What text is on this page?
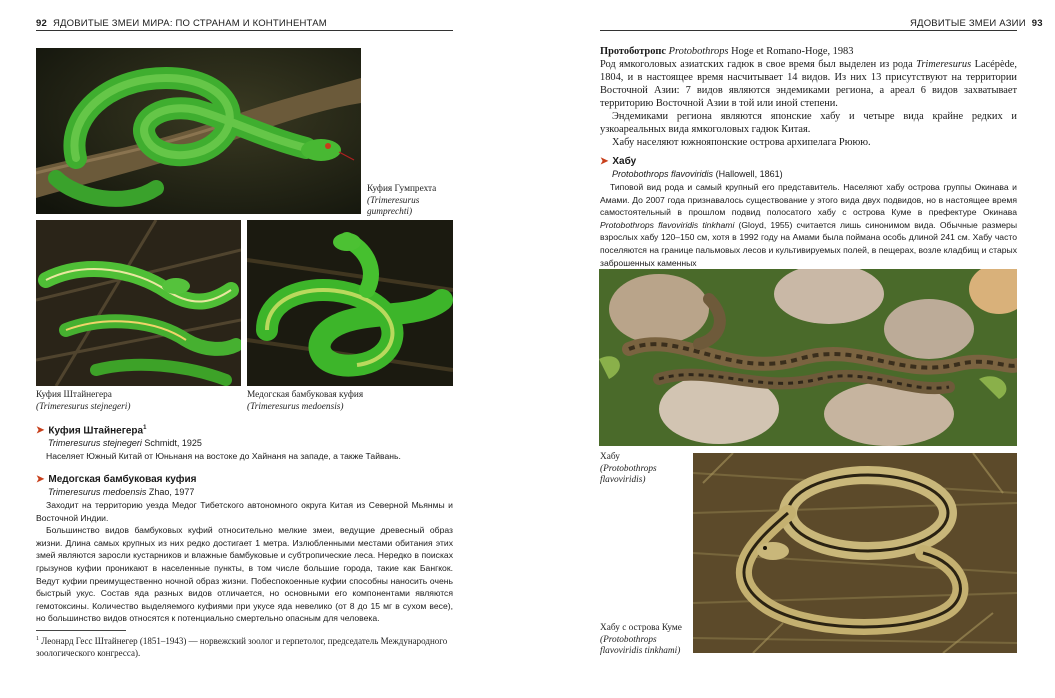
92 ЯДОВИТЫЕ ЗМЕИ МИРА: ПО СТРАНАМ И КОНТИНЕНТАМ
Куфия Гумпрехта
(Trimeresurus gumprechti)
Куфия Штайнегера
(Trimeresurus stejnegeri)
Медогская бамбуковая куфия
(Trimeresurus medoensis)
➤ Куфия Штайнегера$^1$
Trimeresurus stejnegeri Schmidt, 1925

Населяет Южный Китай от Юньнаня на востоке до Хайнаня на западе, а также Тайвань.

➤ Медогская бамбуковая куфия
Trimeresurus medoensis Zhao, 1977

Заходит на территорию уезда Медог Тибетского автономного округа Китая из Северной Мьянмы и Восточной Индии.

Большинство видов бамбуковых куфий относительно мелкие змеи, ведущие древесный образ жизни. Длина самых крупных из них редко достигает 1 метра. Излюбленными местами обитания этих змей являются заросли кустарников и влажные бамбуковые и субтропические леса. Нередко в поисках грызунов куфии проникают в населенные пункты, в том числе большие города, такие как Бангкок. Ведут куфии преимущественно ночной образ жизни. Побеспокоенные куфии способны наносить очень быстрый укус. Состав яда разных видов отличается, но основными его компонентами являются гемотоксины. Количество выделяемого куфиями при укусе яда невелико (от 8 до 15 мг в сухом весе), но большинство видов относятся к потенциально смертельно опасным для человека.

$^1$ Леонард Гесс Штайнегер (1851–1943) — норвежский зоолог и герпетолог, председатель Международного зоологического конгресса).
ЯДОВИТЫЕ ЗМЕИ АЗИИ 93

Протоботропс Protobothrops Hoge et Romano-Hoge, 1983

Род ямкоголовых азиатских гадюк в свое время был выделен из рода Trimeresurus Lacépède, 1804, и в настоящее время насчитывает 14 видов. Из них 13 присутствуют на территории Восточной Азии: 7 видов являются эндемиками региона, а ареал 6 видов захватывает территорию Восточной Азии в той или иной степени.

Эндемиками региона являются японские хабу и четыре вида крайне редких и узкоареальных вида ямкоголовых гадюк Китая.

Хабу населяют южнояпонские острова архипелага Рююю.

➤ Хабу
Protobothrops flavoviridis (Hallowell, 1861)

Типовой вид рода и самый крупный его представитель. Населяют хабу острова группы Окинава и Амами. До 2007 года признавалось существование у этого вида двух подвидов, но в настоящее время самостоятельный в прошлом подвид полосатого хабу с острова Куме в префектуре Окинава Protobothrops flavoviridis tinkhami (Gloyd, 1955) считается лишь синонимом вида. Обычные размеры взрослых хабу 120–150 см, хотя в 1992 году на Амами была поймана особь длиной 241 см. Хабу часто поселяются на границе пальмовых лесов и культивируемых полей, в пещерах, возле кладбищ и старых заброшенных каменных

Хабу
(Protobothrops flavoviridis)
Хабу с острова Куме
(Protobothrops flavoviridis tinkhami)
